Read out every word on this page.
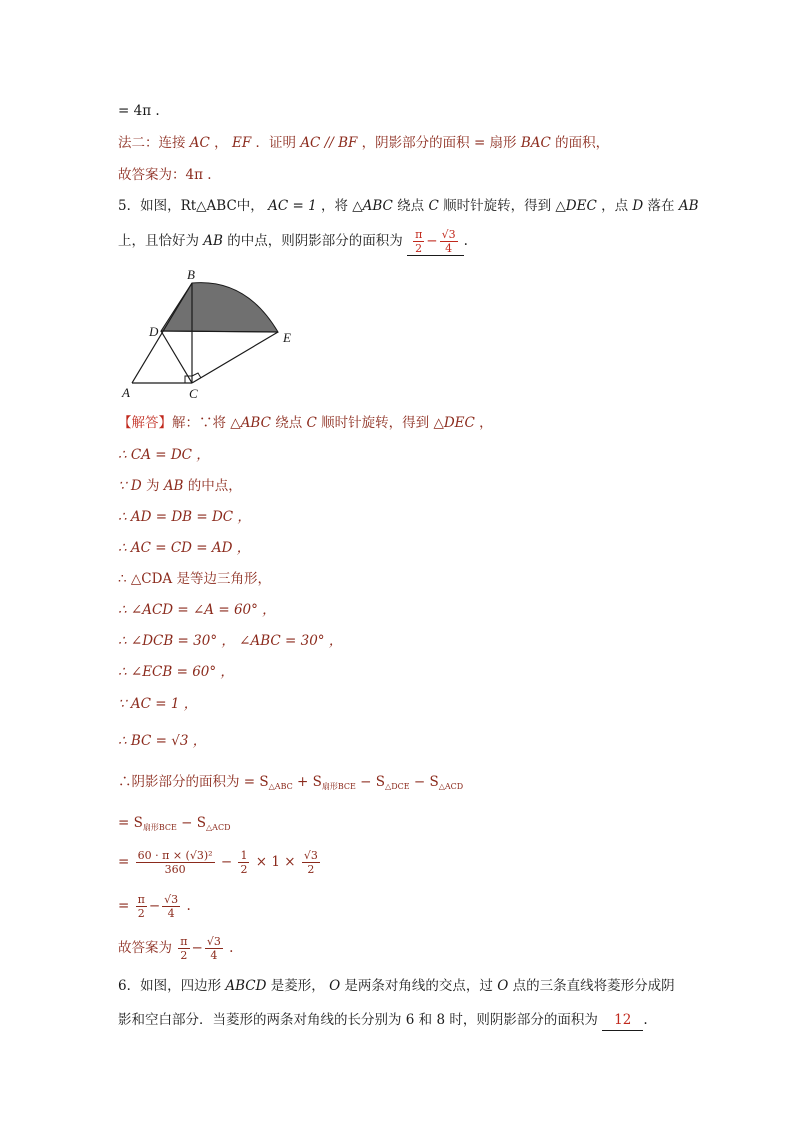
= 4π .
法二：连接 AC ， EF ．证明 AC // BF ，阴影部分的面积 = 扇形 BAC 的面积，
故答案为：4π .
5．如图，Rt△ABC中， AC = 1 ，将 △ABC 绕点 C 顺时针旋转，得到 △DEC ，点 D 落在 AB
上，且恰好为 AB 的中点，则阴影部分的面积为 $\frac{\pi}{2} - \frac{√3}{4}$ .
A
B
C
D	E
【解答】解：∵将 △ABC 绕点 C 顺时针旋转，得到 △DEC ，
∴ CA = DC ，
∵ D 为 AB 的中点，
∴ AD = DB = DC ，
∴ AC = CD = AD ，
∴ △CDA 是等边三角形，
∴ ∠ACD = ∠A = 60° ，
∴ ∠DCB = 30° ， ∠ABC = 30° ，
∴ ∠ECB = 60° ，
∵ AC = 1 ，
∴ BC = √3 ，
∴阴影部分的面积为 = $S_{\triangle ABC} + S_{扇形BCE} - S_{\triangle DCE} - S_{\triangle ACD}$
= $S_{扇形BCE} - S_{\triangle ACD}$
= $\frac{\text{60 · π × (√3)²}}{360} - \frac{1}{2} \times 1 \times \frac{√3}{2}$
= $\frac{\pi}{2} - \frac{√3}{4}$ .
故答案为 $\frac{\pi}{2} - \frac{√3}{4}$ .
6．如图，四边形 ABCD 是菱形， O 是两条对角线的交点，过 O 点的三条直线将菱形分成阴
影和空白部分．当菱形的两条对角线的长分别为 6 和 8 时，则阴影部分的面积为 12 .
